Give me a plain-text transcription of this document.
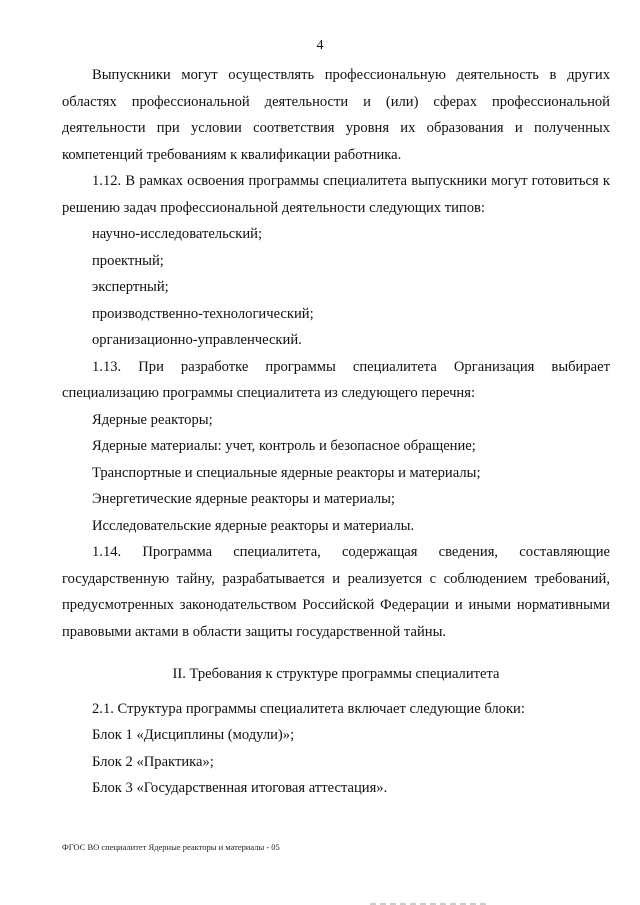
4

Выпускники могут осуществлять профессиональную деятельность в других областях профессиональной деятельности и (или) сферах профессиональной деятельности при условии соответствия уровня их образования и полученных компетенций требованиям к квалификации работника.

1.12. В рамках освоения программы специалитета выпускники могут готовиться к решению задач профессиональной деятельности следующих типов:

научно-исследовательский;

проектный;

экспертный;

производственно-технологический;

организационно-управленческий.

1.13. При разработке программы специалитета Организация выбирает специализацию программы специалитета из следующего перечня:

Ядерные реакторы;

Ядерные материалы: учет, контроль и безопасное обращение;

Транспортные и специальные ядерные реакторы и материалы;

Энергетические ядерные реакторы и материалы;

Исследовательские ядерные реакторы и материалы.

1.14. Программа специалитета, содержащая сведения, составляющие государственную тайну, разрабатывается и реализуется с соблюдением требований, предусмотренных законодательством Российской Федерации и иными нормативными правовыми актами в области защиты государственной тайны.

II. Требования к структуре программы специалитета

2.1. Структура программы специалитета включает следующие блоки:

Блок 1 «Дисциплины (модули)»;

Блок 2 «Практика»;

Блок 3 «Государственная итоговая аттестация».

ФГОС ВО специалитет Ядерные реакторы и материалы - 05
